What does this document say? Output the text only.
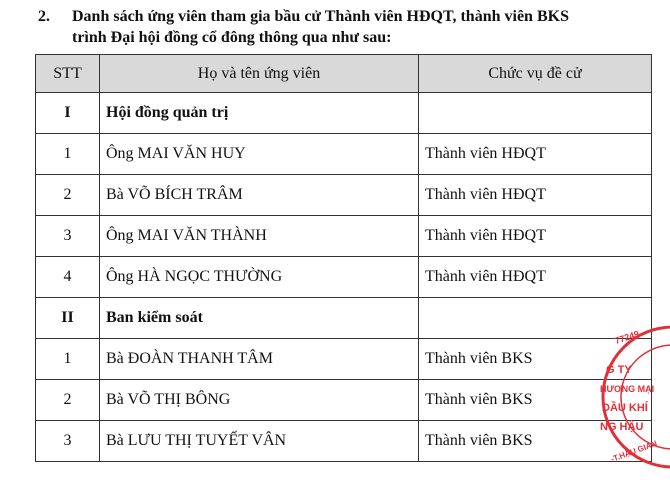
2. Danh sách ứng viên tham gia bầu cử Thành viên HĐQT, thành viên BKS
trình Đại hội đồng cổ đông thông qua như sau:
STT	Họ và tên ứng viên	Chức vụ đề cử
I	Hội đồng quản trị	
1	Ông MAI VĂN HUY	Thành viên HĐQT
2	Bà VÕ BÍCH TRÂM	Thành viên HĐQT
3	Ông MAI VĂN THÀNH	Thành viên HĐQT
4	Ông HÀ NGỌC THƯỜNG	Thành viên HĐQT
II	Ban kiểm soát	
1	Bà ĐOÀN THANH TÂM	Thành viên BKS
2	Bà VÕ THỊ BÔNG	Thành viên BKS
3	Bà LƯU THỊ TUYẾT VÂN	Thành viên BKS
77249
G TY
HƯƠNG MẠI
DẦU KHÍ
NG HẬU
-T.HẬU GIAN
